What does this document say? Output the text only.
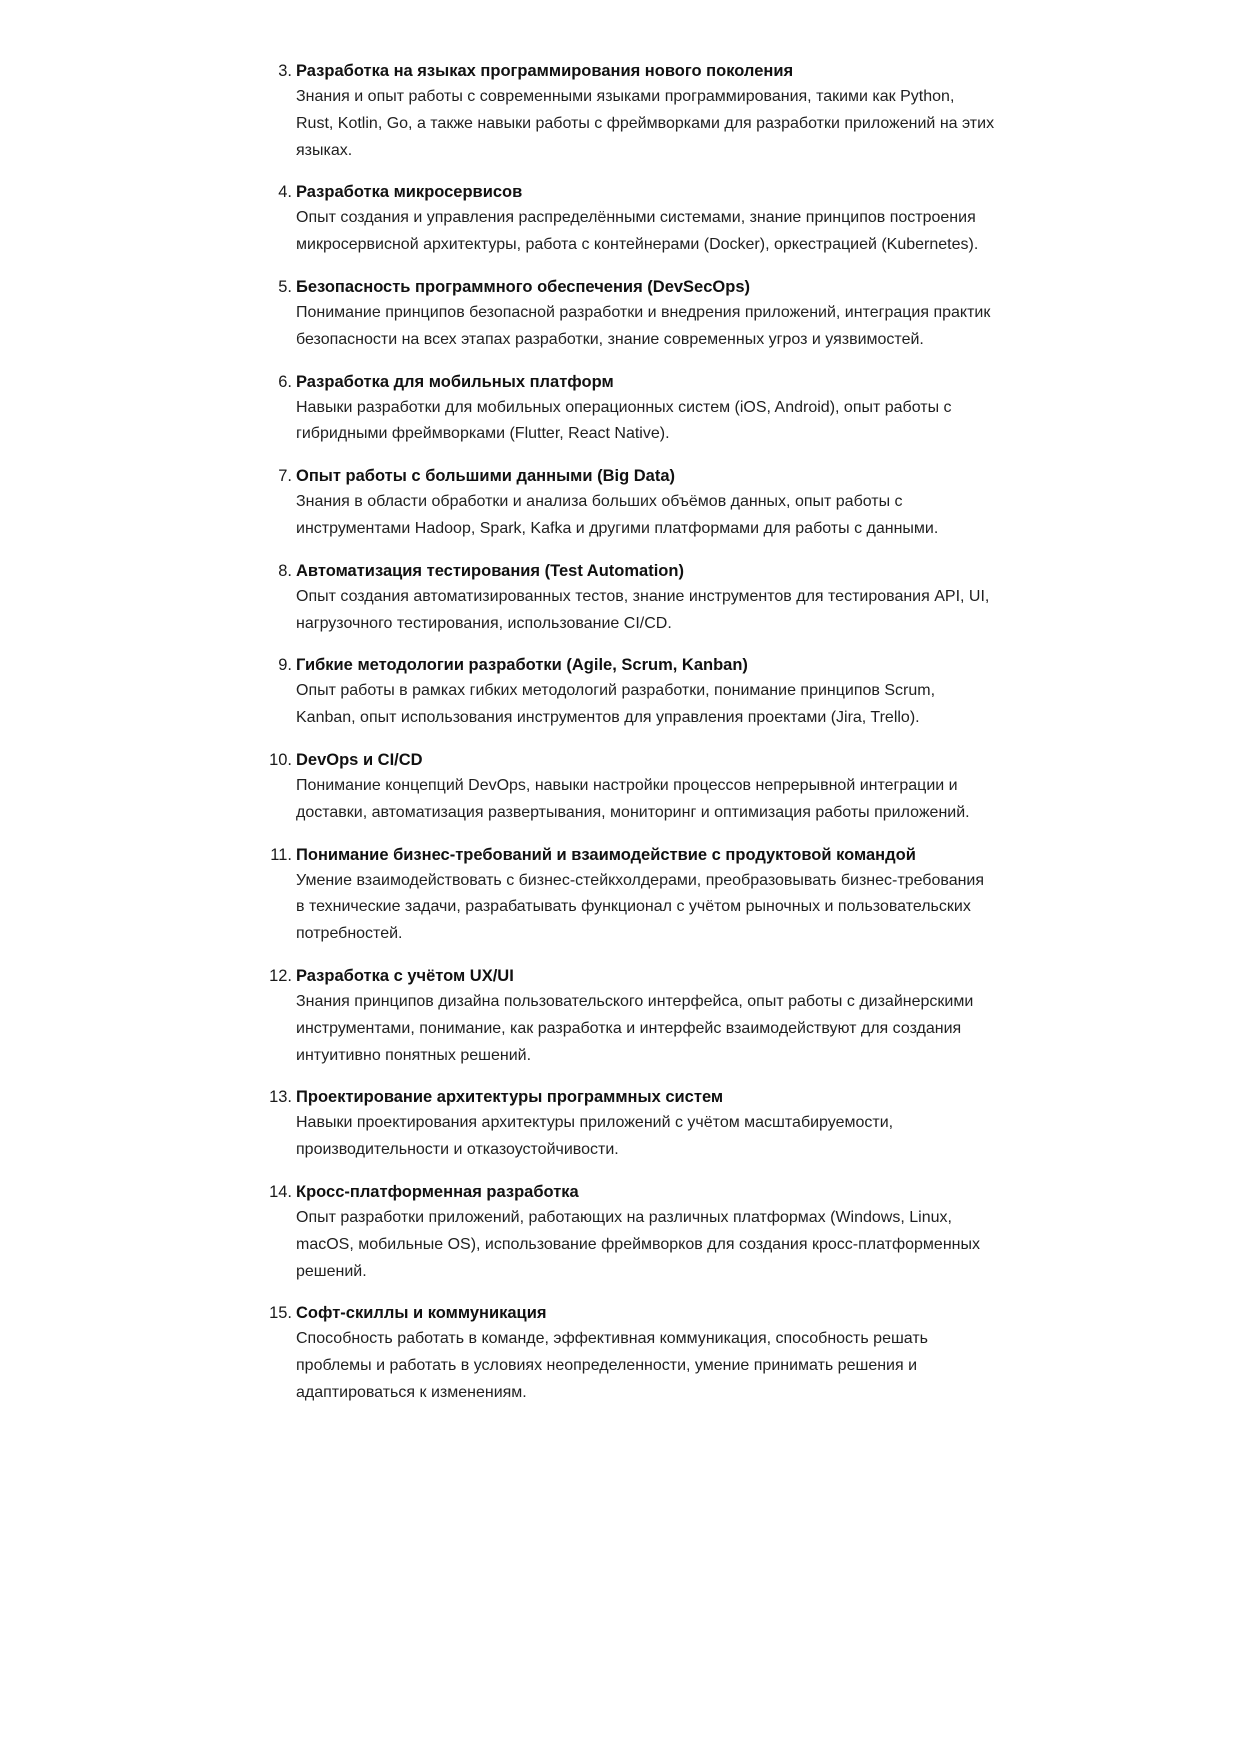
3. Разработка на языках программирования нового поколения
Знания и опыт работы с современными языками программирования, такими как Python, Rust, Kotlin, Go, а также навыки работы с фреймворками для разработки приложений на этих языках.
4. Разработка микросервисов
Опыт создания и управления распределёнными системами, знание принципов построения микросервисной архитектуры, работа с контейнерами (Docker), оркестрацией (Kubernetes).
5. Безопасность программного обеспечения (DevSecOps)
Понимание принципов безопасной разработки и внедрения приложений, интеграция практик безопасности на всех этапах разработки, знание современных угроз и уязвимостей.
6. Разработка для мобильных платформ
Навыки разработки для мобильных операционных систем (iOS, Android), опыт работы с гибридными фреймворками (Flutter, React Native).
7. Опыт работы с большими данными (Big Data)
Знания в области обработки и анализа больших объёмов данных, опыт работы с инструментами Hadoop, Spark, Kafka и другими платформами для работы с данными.
8. Автоматизация тестирования (Test Automation)
Опыт создания автоматизированных тестов, знание инструментов для тестирования API, UI, нагрузочного тестирования, использование CI/CD.
9. Гибкие методологии разработки (Agile, Scrum, Kanban)
Опыт работы в рамках гибких методологий разработки, понимание принципов Scrum, Kanban, опыт использования инструментов для управления проектами (Jira, Trello).
10. DevOps и CI/CD
Понимание концепций DevOps, навыки настройки процессов непрерывной интеграции и доставки, автоматизация развертывания, мониторинг и оптимизация работы приложений.
11. Понимание бизнес-требований и взаимодействие с продуктовой командой
Умение взаимодействовать с бизнес-стейкхолдерами, преобразовывать бизнес-требования в технические задачи, разрабатывать функционал с учётом рыночных и пользовательских потребностей.
12. Разработка с учётом UX/UI
Знания принципов дизайна пользовательского интерфейса, опыт работы с дизайнерскими инструментами, понимание, как разработка и интерфейс взаимодействуют для создания интуитивно понятных решений.
13. Проектирование архитектуры программных систем
Навыки проектирования архитектуры приложений с учётом масштабируемости, производительности и отказоустойчивости.
14. Кросс-платформенная разработка
Опыт разработки приложений, работающих на различных платформах (Windows, Linux, macOS, мобильные OS), использование фреймворков для создания кросс-платформенных решений.
15. Софт-скиллы и коммуникация
Способность работать в команде, эффективная коммуникация, способность решать проблемы и работать в условиях неопределенности, умение принимать решения и адаптироваться к изменениям.
